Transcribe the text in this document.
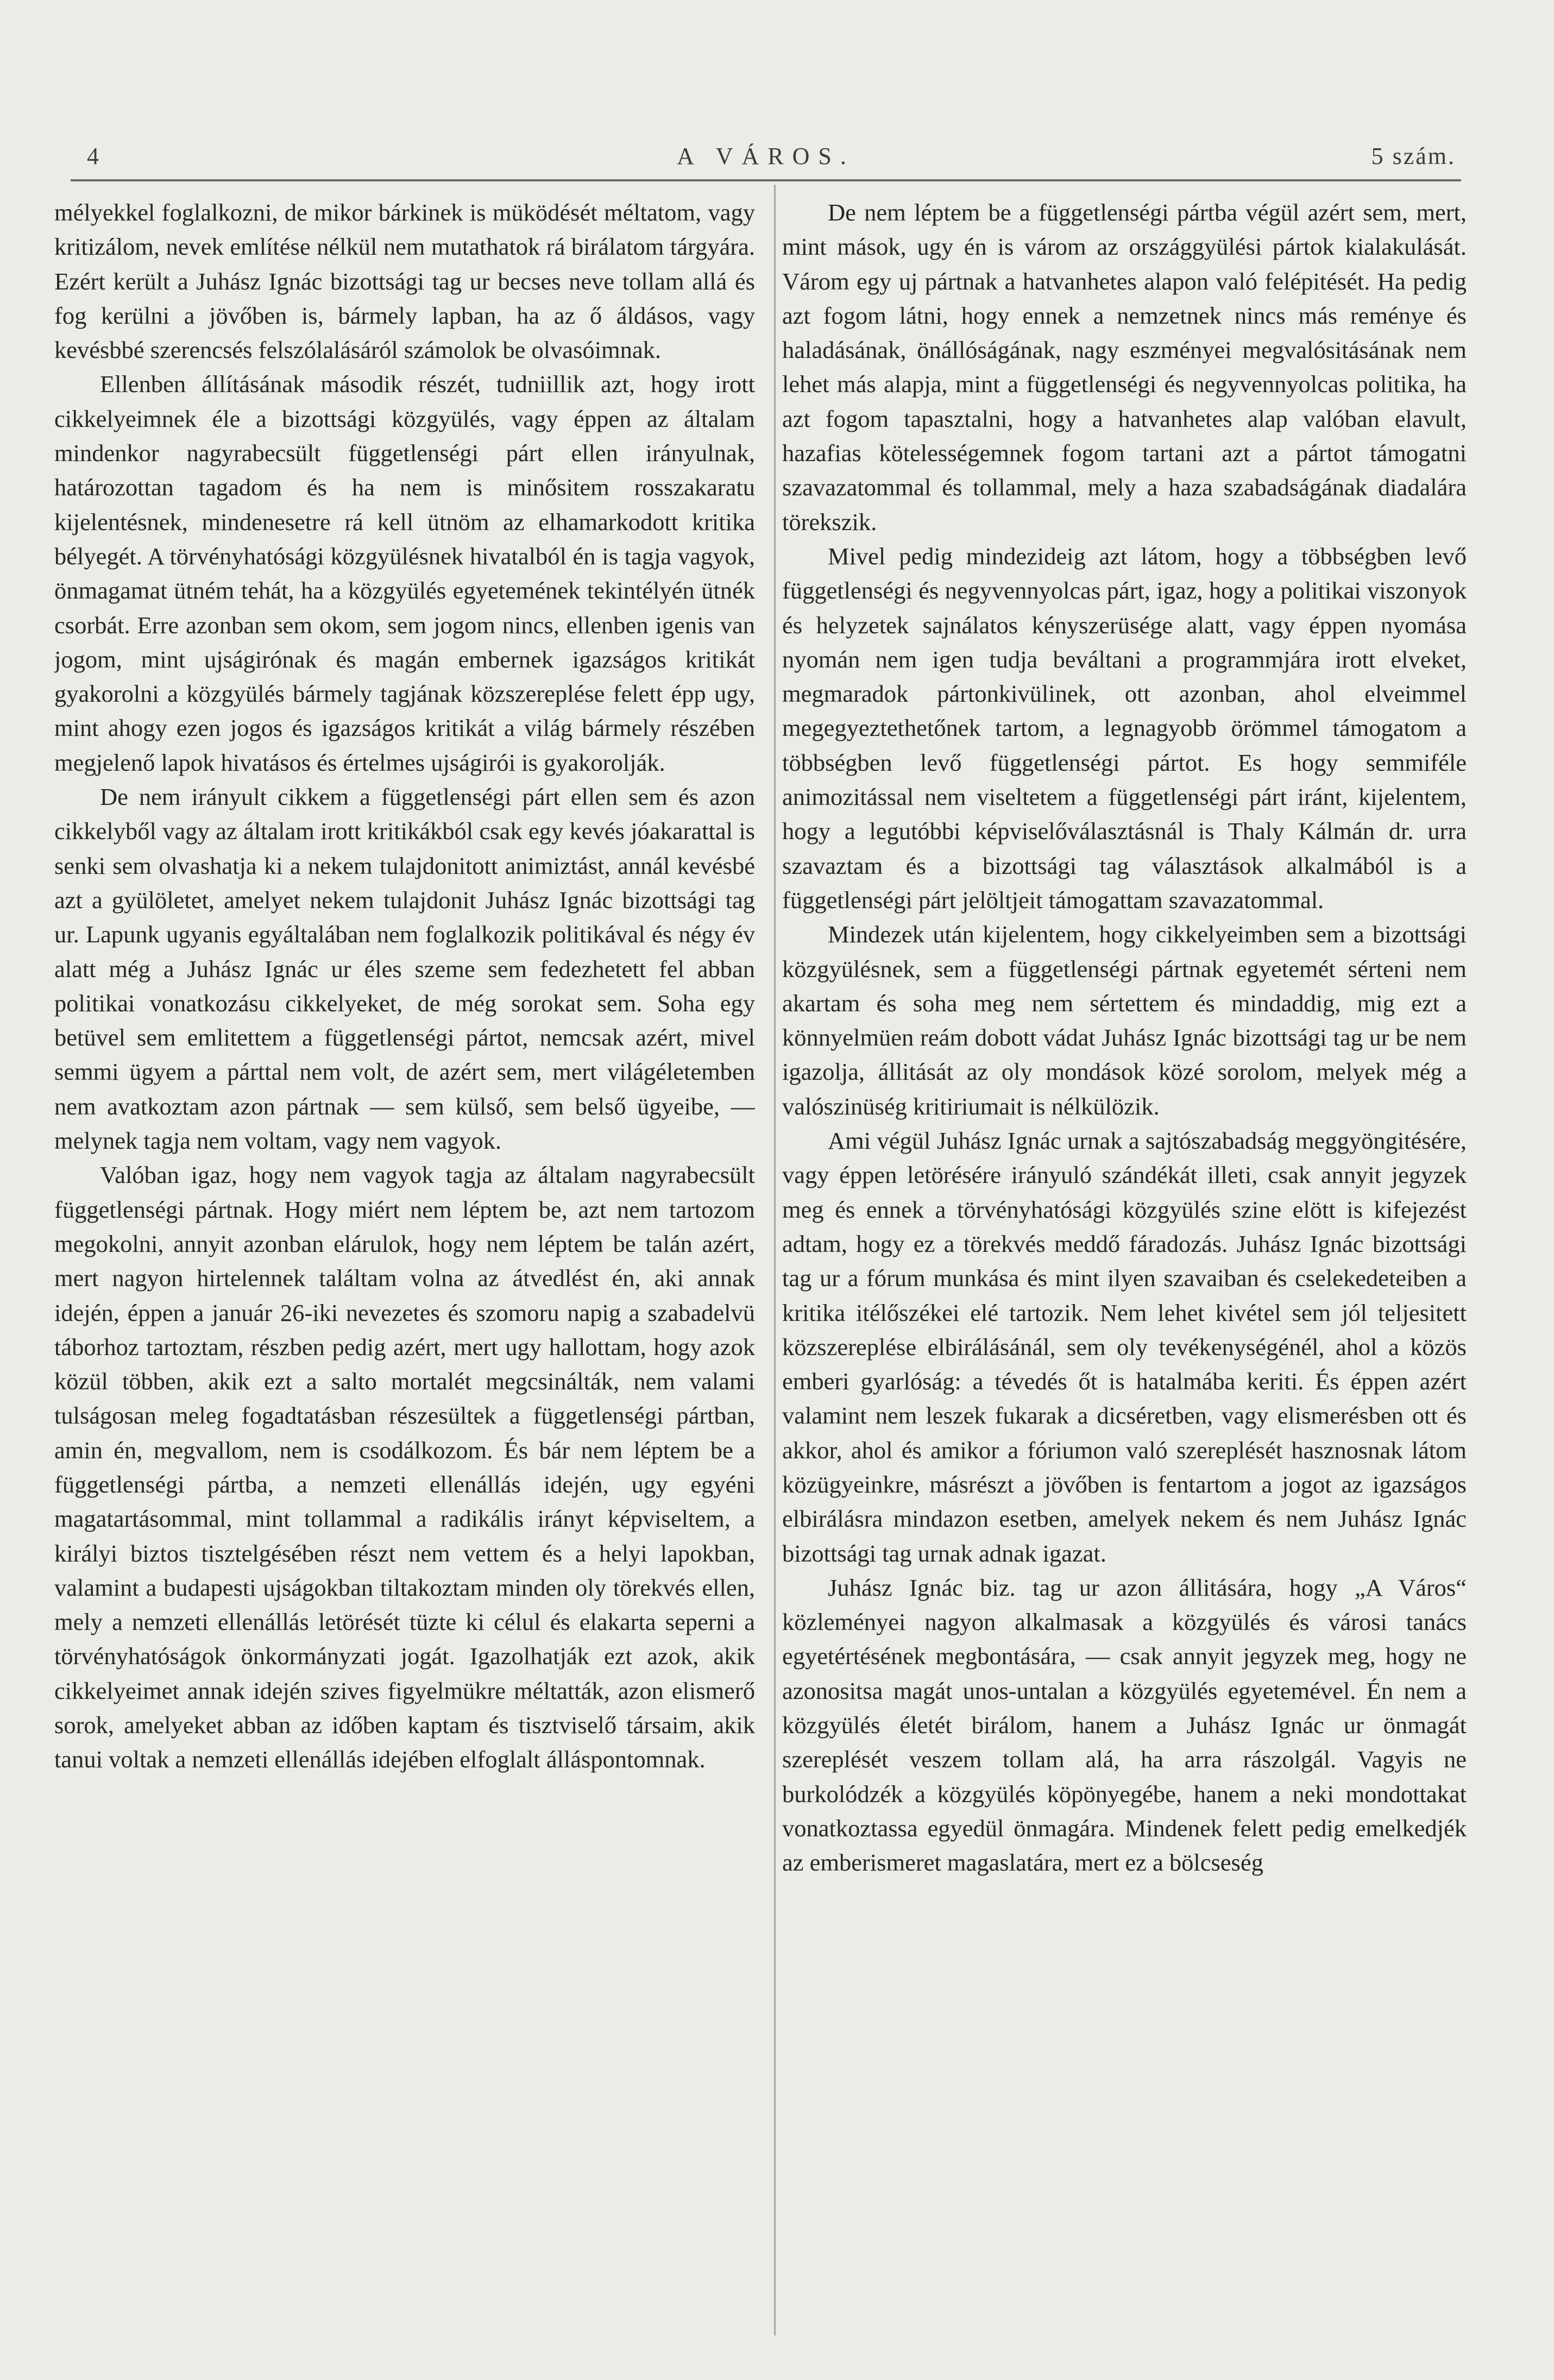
4	A VÁROS.	5 szám.

mélyekkel foglalkozni, de mikor bárkinek is müködését méltatom, vagy kritizálom, nevek említése nélkül nem mutathatok rá birálatom tárgyára. Ezért került a Juhász Ignác bizottsági tag ur becses neve tollam allá és fog kerülni a jövőben is, bármely lapban, ha az ő áldásos, vagy kevésbbé szerencsés felszólalásáról számolok be olvasóimnak.

Ellenben állításának második részét, tudniillik azt, hogy irott cikkelyeimnek éle a bizottsági közgyülés, vagy éppen az általam mindenkor nagyrabecsült függetlenségi párt ellen irányulnak, határozottan tagadom és ha nem is minősitem rosszakaratu kijelentésnek, mindenesetre rá kell ütnöm az elhamarkodott kritika bélyegét. A törvényhatósági közgyülésnek hivatalból én is tagja vagyok, önmagamat ütném tehát, ha a közgyülés egyetemének tekintélyén ütnék csorbát. Erre azonban sem okom, sem jogom nincs, ellenben igenis van jogom, mint ujságirónak és magán embernek igazságos kritikát gyakorolni a közgyülés bármely tagjának közszereplése felett épp ugy, mint ahogy ezen jogos és igazságos kritikát a világ bármely részében megjelenő lapok hivatásos és értelmes ujságirói is gyakorolják.

De nem irányult cikkem a függetlenségi párt ellen sem és azon cikkelyből vagy az általam irott kritikákból csak egy kevés jóakarattal is senki sem olvashatja ki a nekem tulajdonitott animiztást, annál kevésbé azt a gyülöletet, amelyet nekem tulajdonit Juhász Ignác bizottsági tag ur. Lapunk ugyanis egyáltalában nem foglalkozik politikával és négy év alatt még a Juhász Ignác ur éles szeme sem fedezhetett fel abban politikai vonatkozásu cikkelyeket, de még sorokat sem. Soha egy betüvel sem emlitettem a függetlenségi pártot, nemcsak azért, mivel semmi ügyem a párttal nem volt, de azért sem, mert világéletemben nem avatkoztam azon pártnak — sem külső, sem belső ügyeibe, — melynek tagja nem voltam, vagy nem vagyok.

Valóban igaz, hogy nem vagyok tagja az általam nagyrabecsült függetlenségi pártnak. Hogy miért nem léptem be, azt nem tartozom megokolni, annyit azonban elárulok, hogy nem léptem be talán azért, mert nagyon hirtelennek találtam volna az átvedlést én, aki annak idején, éppen a január 26-iki nevezetes és szomoru napig a szabadelvü táborhoz tartoztam, részben pedig azért, mert ugy hallottam, hogy azok közül többen, akik ezt a salto mortalét megcsinálták, nem valami tulságosan meleg fogadtatásban részesültek a függetlenségi pártban, amin én, megvallom, nem is csodálkozom. És bár nem léptem be a függetlenségi pártba, a nemzeti ellenállás idején, ugy egyéni magatartásommal, mint tollammal a radikális irányt képviseltem, a királyi biztos tisztelgésében részt nem vettem és a helyi lapokban, valamint a budapesti ujságokban tiltakoztam minden oly törekvés ellen, mely a nemzeti ellenállás letörését tüzte ki célul és elakarta seperni a törvényhatóságok önkormányzati jogát. Igazolhatják ezt azok, akik cikkelyeimet annak idején szives figyelmükre méltatták, azon elismerő sorok, amelyeket abban az időben kaptam és tisztviselő társaim, akik tanui voltak a nemzeti ellenállás idejében elfoglalt álláspontomnak.

De nem léptem be a függetlenségi pártba végül azért sem, mert, mint mások, ugy én is várom az országgyülési pártok kialakulását. Várom egy uj pártnak a hatvanhetes alapon való felépitését. Ha pedig azt fogom látni, hogy ennek a nemzetnek nincs más reménye és haladásának, önállóságának, nagy eszményei megvalósitásának nem lehet más alapja, mint a függetlenségi és negyvennyolcas politika, ha azt fogom tapasztalni, hogy a hatvanhetes alap valóban elavult, hazafias kötelességemnek fogom tartani azt a pártot támogatni szavazatommal és tollammal, mely a haza szabadságának diadalára törekszik.

Mivel pedig mindezideig azt látom, hogy a többségben levő függetlenségi és negyvennyolcas párt, igaz, hogy a politikai viszonyok és helyzetek sajnálatos kényszerüsége alatt, vagy éppen nyomása nyomán nem igen tudja beváltani a programmjára irott elveket, megmaradok pártonkivülinek, ott azonban, ahol elveimmel megegyeztethetőnek tartom, a legnagyobb örömmel támogatom a többségben levő függetlenségi pártot. Es hogy semmiféle animozitással nem viseltetem a függetlenségi párt iránt, kijelentem, hogy a legutóbbi képviselőválasztásnál is Thaly Kálmán dr. urra szavaztam és a bizottsági tag választások alkalmából is a függetlenségi párt jelöltjeit támogattam szavazatommal.

Mindezek után kijelentem, hogy cikkelyeimben sem a bizottsági közgyülésnek, sem a függetlenségi pártnak egyetemét sérteni nem akartam és soha meg nem sértettem és mindaddig, mig ezt a könnyelmüen reám dobott vádat Juhász Ignác bizottsági tag ur be nem igazolja, állitását az oly mondások közé sorolom, melyek még a valószinüség kritiriumait is nélkülözik.

Ami végül Juhász Ignác urnak a sajtószabadság meggyöngitésére, vagy éppen letörésére irányuló szándékát illeti, csak annyit jegyzek meg és ennek a törvényhatósági közgyülés szine elött is kifejezést adtam, hogy ez a törekvés meddő fáradozás. Juhász Ignác bizottsági tag ur a fórum munkása és mint ilyen szavaiban és cselekedeteiben a kritika itélőszékei elé tartozik. Nem lehet kivétel sem jól teljesitett közszereplése elbirálásánál, sem oly tevékenységénél, ahol a közös emberi gyarlóság: a tévedés őt is hatalmába keriti. És éppen azért valamint nem leszek fukarak a dicséretben, vagy elismerésben ott és akkor, ahol és amikor a fóriumon való szereplését hasznosnak látom közügyeinkre, másrészt a jövőben is fentartom a jogot az igazságos elbirálásra mindazon esetben, amelyek nekem és nem Juhász Ignác bizottsági tag urnak adnak igazat.

Juhász Ignác biz. tag ur azon állitására, hogy „A Város“ közleményei nagyon alkalmasak a közgyülés és városi tanács egyetértésének megbontására, — csak annyit jegyzek meg, hogy ne azonositsa magát unos-untalan a közgyülés egyetemével. Én nem a közgyülés életét birálom, hanem a Juhász Ignác ur önmagát szereplését veszem tollam alá, ha arra rászolgál. Vagyis ne burkolódzék a közgyülés köpönyegébe, hanem a neki mondottakat vonatkoztassa egyedül önmagára. Mindenek felett pedig emelkedjék az emberismeret magaslatára, mert ez a bölcseség
